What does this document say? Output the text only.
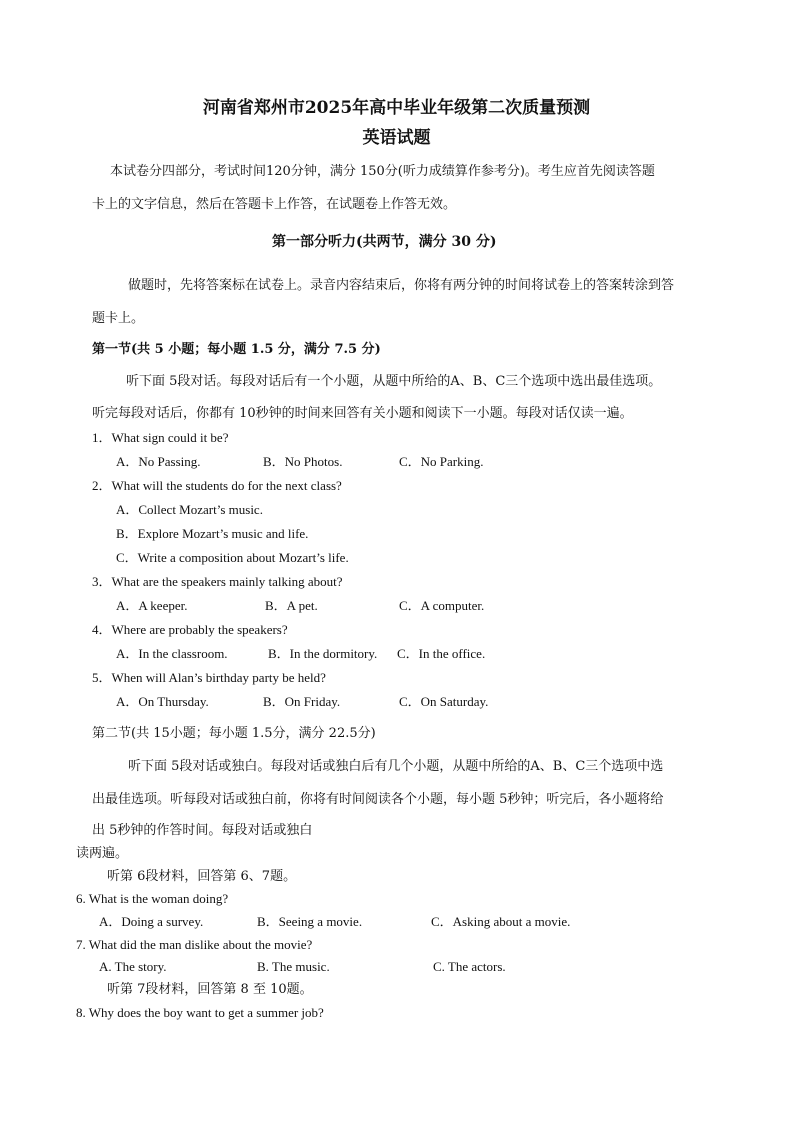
河南省郑州市2025年高中毕业年级第二次质量预测
英语试题
本试卷分四部分，考试时间120分钟，满分 150分(听力成绩算作参考分)。考生应首先阅读答题
卡上的文字信息，然后在答题卡上作答，在试题卷上作答无效。
第一部分听力(共两节，满分 30 分)
做题时，先将答案标在试卷上。录音内容结束后，你将有两分钟的时间将试卷上的答案转涂到答
题卡上。
第一节(共 5 小题；每小题 1.5 分，满分 7.5 分)
听下面 5段对话。每段对话后有一个小题，从题中所给的A、B、C三个选项中选出最佳选项。
听完每段对话后，你都有 10秒钟的时间来回答有关小题和阅读下一小题。每段对话仅读一遍。
1．What sign could it be?
A．No Passing.	B．No Photos.	C．No Parking.
2．What will the students do for the next class?
A．Collect Mozart’s music.
B．Explore Mozart’s music and life.
C．Write a composition about Mozart’s life.
3．What are the speakers mainly talking about?
A．A keeper.	B．A pet.	C．A computer.
4．Where are probably the speakers?
A．In the classroom.	B．In the dormitory. C．In the office.
5．When will Alan’s birthday party be held?
A．On Thursday.	B．On Friday.	C．On Saturday.
第二节(共 15小题；每小题 1.5分，满分 22.5分)
听下面 5段对话或独白。每段对话或独白后有几个小题，从题中所给的A、B、C三个选项中选
出最佳选项。听每段对话或独白前，你将有时间阅读各个小题，每小题 5秒钟；听完后，各小题将给
出 5秒钟的作答时间。每段对话或独白
读两遍。
听第 6段材料，回答第 6、7题。
6. What is the woman doing?
A．Doing a survey.	B．Seeing a movie.	C．Asking about a movie.
7. What did the man dislike about the movie?
A. The story.	B. The music.	C. The actors.
听第 7段材料，回答第 8 至 10题。
8. Why does the boy want to get a summer job?
